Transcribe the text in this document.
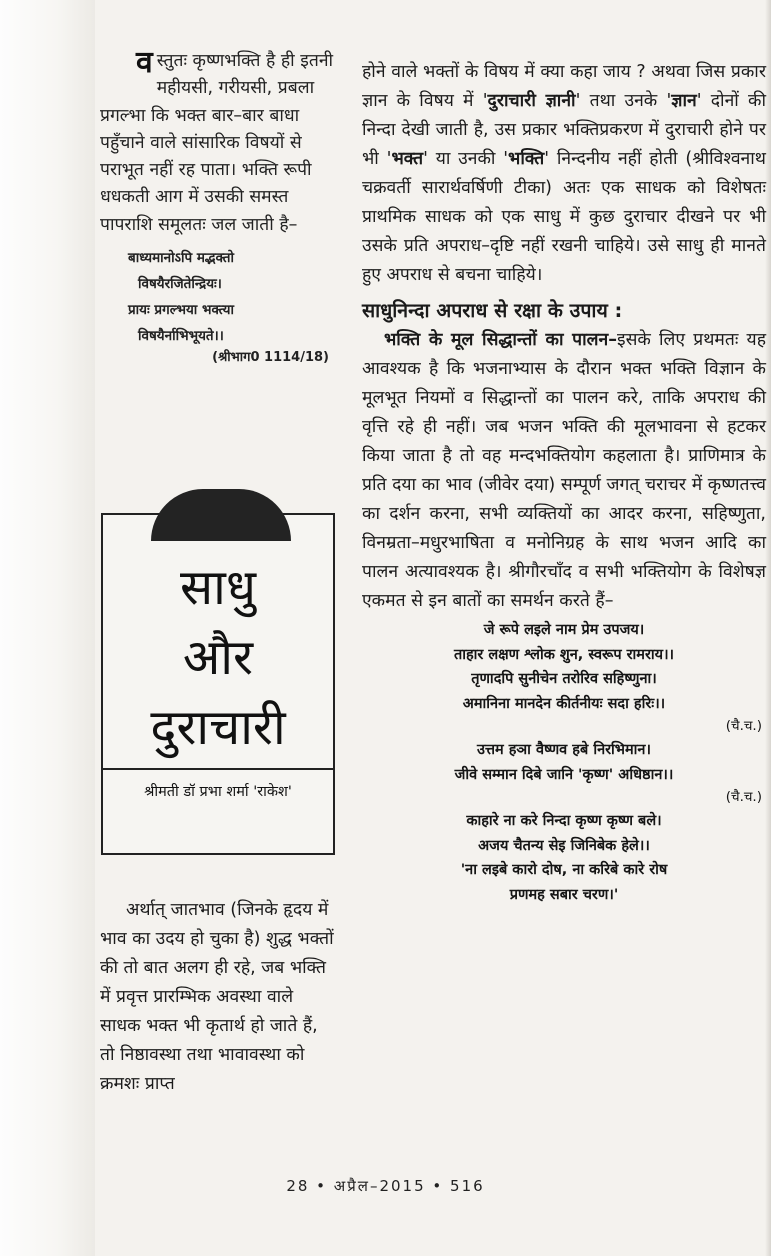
वस्तुतः कृष्णभक्ति है ही इतनी महीयसी, गरीयसी, प्रबला प्रगल्भा कि भक्त बार–बार बाधा पहुँचाने वाले सांसारिक विषयों से पराभूत नहीं रह पाता। भक्ति रूपी धधकती आग में उसकी समस्त पापराशि समूलतः जल जाती है–

बाध्यमानोऽपि मद्भक्तो
विषयैरजितेन्द्रियः।
प्रायः प्रगल्भया भक्त्या
विषयैर्नाभिभूयते।।
(श्रीभाग0 1114/18)
साधु
और
दुराचारी
श्रीमती डॉ प्रभा शर्मा 'राकेश'

अर्थात् जातभाव (जिनके हृदय में भाव का उदय हो चुका है) शुद्ध भक्तों की तो बात अलग ही रहे, जब भक्ति में प्रवृत्त प्रारम्भिक अवस्था वाले साधक भक्त भी कृतार्थ हो जाते हैं, तो निष्ठावस्था तथा भावावस्था को क्रमशः प्राप्त

होने वाले भक्तों के विषय में क्या कहा जाय ? अथवा जिस प्रकार ज्ञान के विषय में 'दुराचारी ज्ञानी' तथा उनके 'ज्ञान' दोनों की निन्दा देखी जाती है, उस प्रकार भक्तिप्रकरण में दुराचारी होने पर भी 'भक्त' या उनकी 'भक्ति' निन्दनीय नहीं होती (श्रीविश्वनाथ चक्रवर्ती सारार्थवर्षिणी टीका) अतः एक साधक को विशेषतः प्राथमिक साधक को एक साधु में कुछ दुराचार दीखने पर भी उसके प्रति अपराध–दृष्टि नहीं रखनी चाहिये। उसे साधु ही मानते हुए अपराध से बचना चाहिये।

साधुनिन्दा अपराध से रक्षा के उपाय :

भक्ति के मूल सिद्धान्तों का पालन–इसके लिए प्रथमतः यह आवश्यक है कि भजनाभ्यास के दौरान भक्त भक्ति विज्ञान के मूलभूत नियमों व सिद्धान्तों का पालन करे, ताकि अपराध की वृत्ति रहे ही नहीं। जब भजन भक्ति की मूलभावना से हटकर किया जाता है तो वह मन्दभक्तियोग कहलाता है। प्राणिमात्र के प्रति दया का भाव (जीवेर दया) सम्पूर्ण जगत् चराचर में कृष्णतत्त्व का दर्शन करना, सभी व्यक्तियों का आदर करना, सहिष्णुता, विनम्रता–मधुरभाषिता व मनोनिग्रह के साथ भजन आदि का पालन अत्यावश्यक है। श्रीगौरचाँद व सभी भक्तियोग के विशेषज्ञ एकमत से इन बातों का समर्थन करते हैं–

जे रूपे लइले नाम प्रेम उपजय।
ताहार लक्षण श्लोक शुन, स्वरूप रामराय।।
तृणादपि सुनीचेन तरोरिव सहिष्णुना।
अमानिना मानदेन कीर्तनीयः सदा हरिः।।
(चै.च.)
उत्तम हञा वैष्णव हबे निरभिमान।
जीवे सम्मान दिबे जानि 'कृष्ण' अधिष्ठान।।
(चै.च.)
काहारे ना करे निन्दा कृष्ण कृष्ण बले।
अजय चैतन्य सेइ जिनिबेक हेले।।
'ना लइबे कारो दोष, ना करिबे कारे रोष
प्रणमह सबार चरण।'
28 • अप्रैल–2015 • 516
